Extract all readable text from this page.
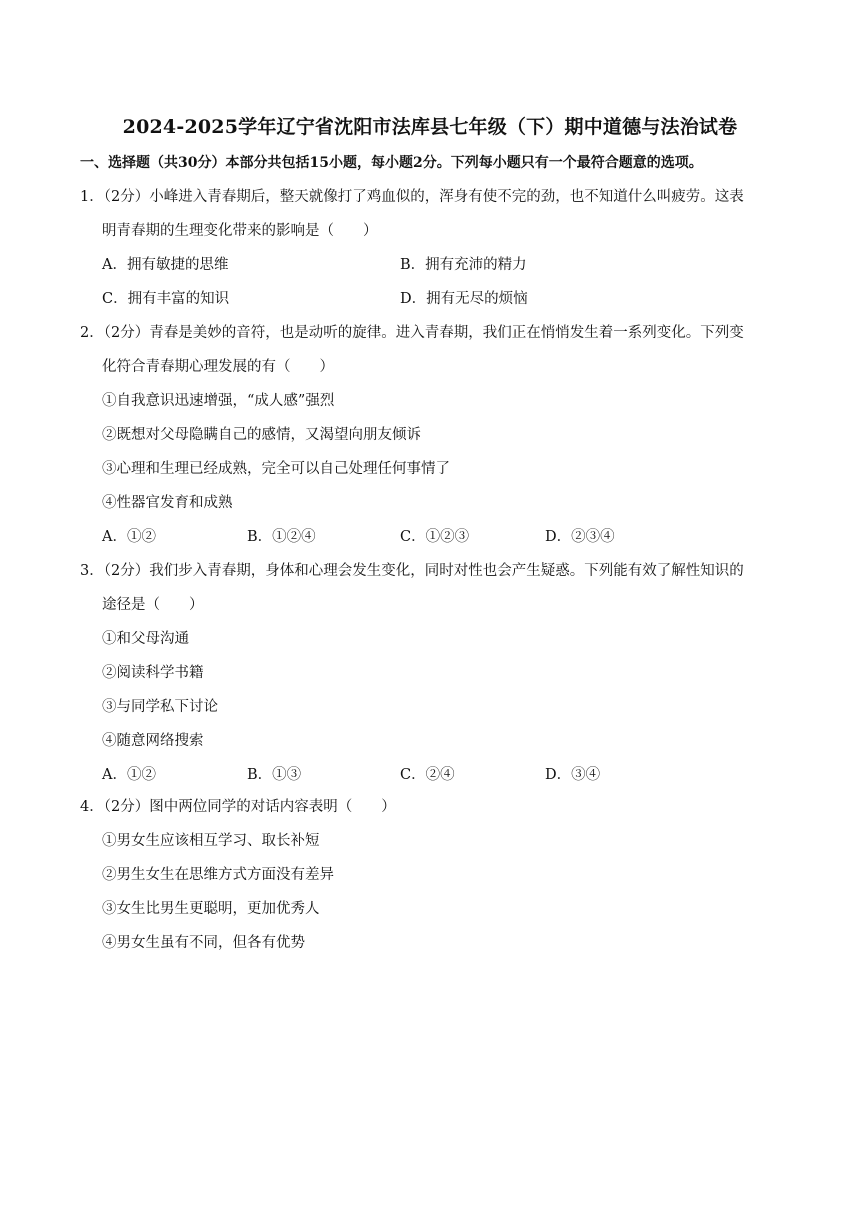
2024-2025学年辽宁省沈阳市法库县七年级（下）期中道德与法治试卷
一、选择题（共30分）本部分共包括15小题，每小题2分。下列每小题只有一个最符合题意的选项。
1．（2分）小峰进入青春期后，整天就像打了鸡血似的，浑身有使不完的劲，也不知道什么叫疲劳。这表
明青春期的生理变化带来的影响是（　　）
A．拥有敏捷的思维	B．拥有充沛的精力
C．拥有丰富的知识	D．拥有无尽的烦恼
2．（2分）青春是美妙的音符，也是动听的旋律。进入青春期，我们正在悄悄发生着一系列变化。下列变
化符合青春期心理发展的有（　　）
①自我意识迅速增强，“成人感”强烈
②既想对父母隐瞒自己的感情，又渴望向朋友倾诉
③心理和生理已经成熟，完全可以自己处理任何事情了
④性器官发育和成熟
A．①②	B．①②④	C．①②③	D．②③④
3．（2分）我们步入青春期，身体和心理会发生变化，同时对性也会产生疑惑。下列能有效了解性知识的
途径是（　　）
①和父母沟通
②阅读科学书籍
③与同学私下讨论
④随意网络搜索
A．①②	B．①③	C．②④	D．③④
4．（2分）图中两位同学的对话内容表明（　　）
①男女生应该相互学习、取长补短
②男生女生在思维方式方面没有差异
③女生比男生更聪明，更加优秀人
④男女生虽有不同，但各有优势
